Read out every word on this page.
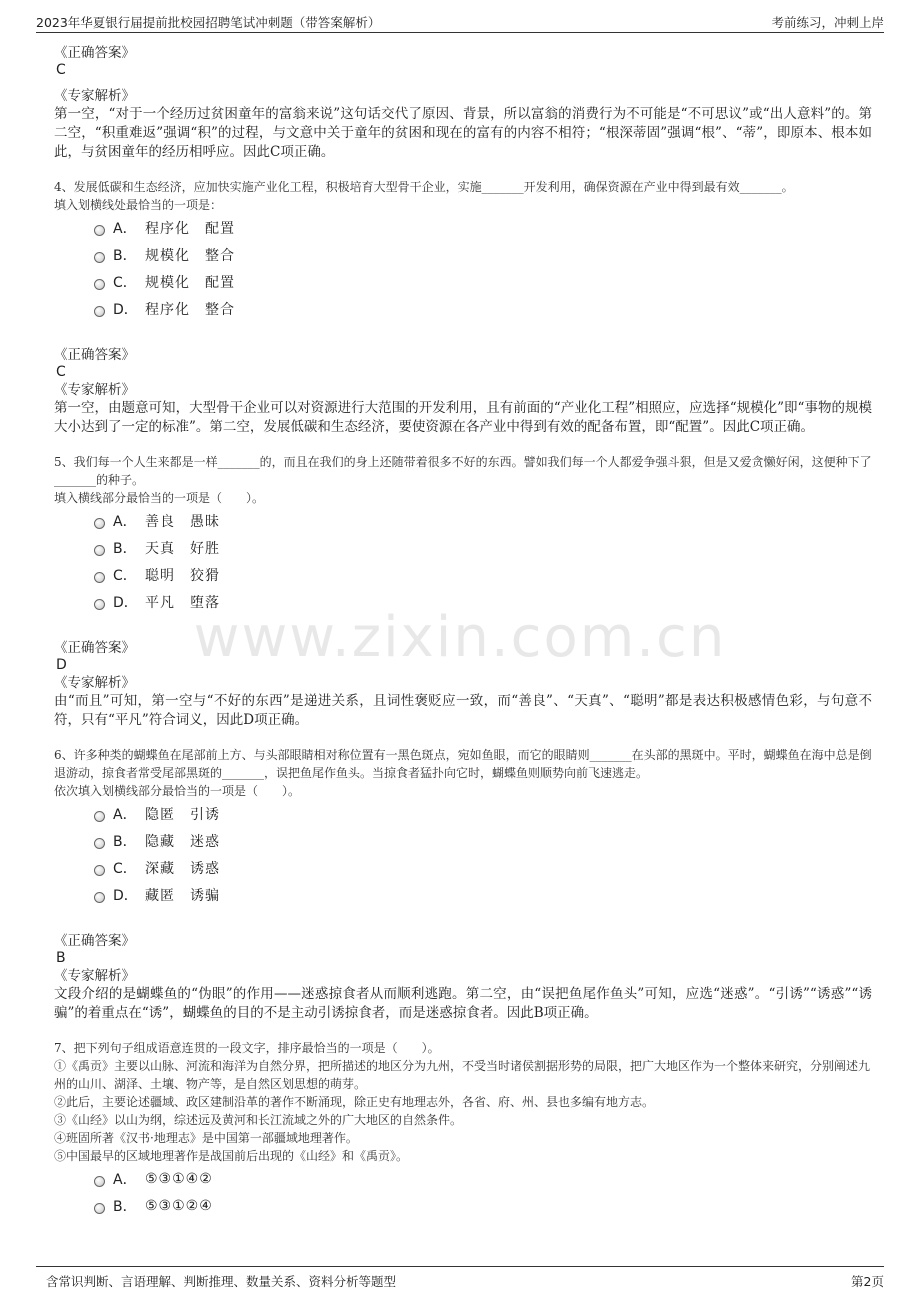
2023年华夏银行届提前批校园招聘笔试冲刺题（带答案解析）	考前练习，冲刺上岸
www.zixin.com.cn
《正确答案》
C
《专家解析》
第一空，“对于一个经历过贫困童年的富翁来说”这句话交代了原因、背景，所以富翁的消费行为不可能是“不可思议”或“出人意料”的。第二空，“积重难返”强调“积”的过程，与文意中关于童年的贫困和现在的富有的内容不相符；“根深蒂固”强调“根”、“蒂”，即原本、根本如此，与贫困童年的经历相呼应。因此C项正确。
4、发展低碳和生态经济，应加快实施产业化工程，积极培育大型骨干企业，实施_______开发利用，确保资源在产业中得到最有效_______。
填入划横线处最恰当的一项是：
A． 程序化　配置
B． 规模化　整合
C． 规模化　配置
D． 程序化　整合
《正确答案》
C
《专家解析》
第一空，由题意可知，大型骨干企业可以对资源进行大范围的开发利用，且有前面的“产业化工程”相照应，应选择“规模化”即“事物的规模大小达到了一定的标准”。第二空，发展低碳和生态经济，要使资源在各产业中得到有效的配备布置，即“配置”。因此C项正确。
5、我们每一个人生来都是一样_______的，而且在我们的身上还随带着很多不好的东西。譬如我们每一个人都爱争强斗狠，但是又爱贪懒好闲，这便种下了_______的种子。
填入横线部分最恰当的一项是（　　）。
A． 善良　愚昧
B． 天真　好胜
C． 聪明　狡猾
D． 平凡　堕落
《正确答案》
D
《专家解析》
由“而且”可知，第一空与“不好的东西”是递进关系，且词性褒贬应一致，而“善良”、“天真”、“聪明”都是表达积极感情色彩，与句意不符，只有“平凡”符合词义，因此D项正确。
6、许多种类的蝴蝶鱼在尾部前上方、与头部眼睛相对称位置有一黑色斑点，宛如鱼眼，而它的眼睛则_______在头部的黑斑中。平时，蝴蝶鱼在海中总是倒退游动，掠食者常受尾部黑斑的_______，误把鱼尾作鱼头。当掠食者猛扑向它时，蝴蝶鱼则顺势向前飞速逃走。
依次填入划横线部分最恰当的一项是（　　）。
A． 隐匿　引诱
B． 隐藏　迷惑
C． 深藏　诱惑
D． 藏匿　诱骗
《正确答案》
B
《专家解析》
文段介绍的是蝴蝶鱼的“伪眼”的作用——迷惑掠食者从而顺利逃跑。第二空，由“误把鱼尾作鱼头”可知，应选“迷惑”。“引诱”“诱惑”“诱骗”的着重点在“诱”，蝴蝶鱼的目的不是主动引诱掠食者，而是迷惑掠食者。因此B项正确。
7、把下列句子组成语意连贯的一段文字，排序最恰当的一项是（　　）。
①《禹贡》主要以山脉、河流和海洋为自然分界，把所描述的地区分为九州，不受当时诸侯割据形势的局限，把广大地区作为一个整体来研究，分别阐述九州的山川、湖泽、土壤、物产等，是自然区划思想的萌芽。
②此后，主要论述疆域、政区建制沿革的著作不断涌现，除正史有地理志外，各省、府、州、县也多编有地方志。
③《山经》以山为纲，综述远及黄河和长江流域之外的广大地区的自然条件。
④班固所著《汉书·地理志》是中国第一部疆域地理著作。
⑤中国最早的区域地理著作是战国前后出现的《山经》和《禹贡》。
A． ⑤③①④②
B． ⑤③①②④
含常识判断、言语理解、判断推理、数量关系、资料分析等题型	第2页
